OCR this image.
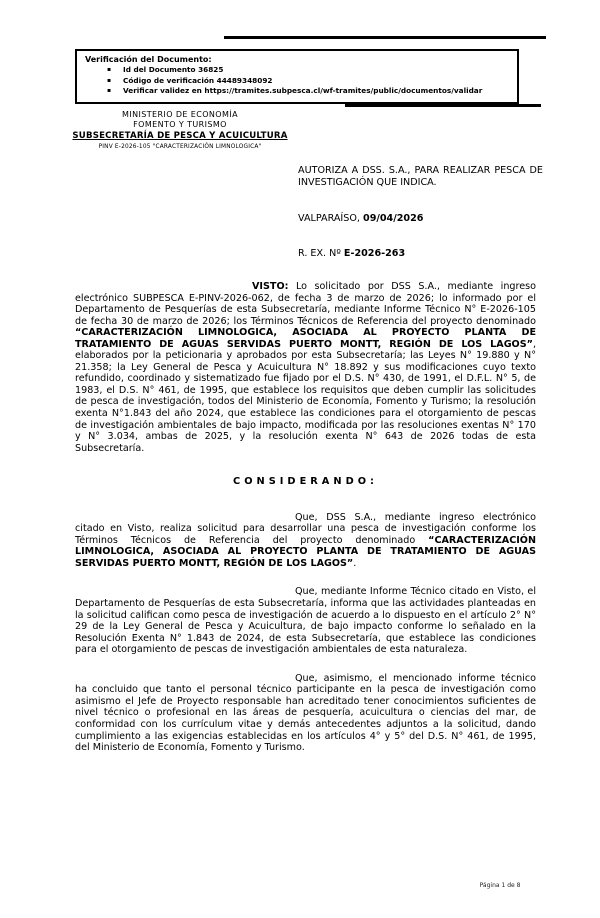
Verificación del Documento:
▪	Id del Documento 36825
▪	Código de verificación 44489348092
▪	Verificar validez en https://tramites.subpesca.cl/wf-tramites/public/documentos/validar
MINISTERIO DE ECONOMÍA
FOMENTO Y TURISMO
SUBSECRETARÍA DE PESCA Y ACUICULTURA
PINV E-2026-105 "CARACTERIZACIÓN LIMNOLOGICA"
AUTORIZA A DSS. S.A., PARA REALIZAR PESCA DE INVESTIGACIÓN QUE INDICA.
VALPARAÍSO, 09/04/2026
R. EX. Nº E-2026-263

VISTO: Lo solicitado por DSS S.A., mediante ingreso electrónico SUBPESCA E-PINV-2026-062, de fecha 3 de marzo de 2026; lo informado por el Departamento de Pesquerías de esta Subsecretaría, mediante Informe Técnico N° E-2026-105 de fecha 30 de marzo de 2026; los Términos Técnicos de Referencia del proyecto denominado “CARACTERIZACIÓN LIMNOLOGICA, ASOCIADA AL PROYECTO PLANTA DE TRATAMIENTO DE AGUAS SERVIDAS PUERTO MONTT, REGIÓN DE LOS LAGOS”, elaborados por la peticionaria y aprobados por esta Subsecretaría; las Leyes N° 19.880 y N° 21.358; la Ley General de Pesca y Acuicultura N° 18.892 y sus modificaciones cuyo texto refundido, coordinado y sistematizado fue fijado por el D.S. N° 430, de 1991, el D.F.L. N° 5, de 1983, el D.S. N° 461, de 1995, que establece los requisitos que deben cumplir las solicitudes de pesca de investigación, todos del Ministerio de Economía, Fomento y Turismo; la resolución exenta N°1.843 del año 2024, que establece las condiciones para el otorgamiento de pescas de investigación ambientales de bajo impacto, modificada por las resoluciones exentas N° 170 y N° 3.034, ambas de 2025, y la resolución exenta N° 643 de 2026 todas de esta Subsecretaría.

CONSIDERANDO:

Que, DSS S.A., mediante ingreso electrónico citado en Visto, realiza solicitud para desarrollar una pesca de investigación conforme los Términos Técnicos de Referencia del proyecto denominado “CARACTERIZACIÓN LIMNOLOGICA, ASOCIADA AL PROYECTO PLANTA DE TRATAMIENTO DE AGUAS SERVIDAS PUERTO MONTT, REGIÓN DE LOS LAGOS”.

Que, mediante Informe Técnico citado en Visto, el Departamento de Pesquerías de esta Subsecretaría, informa que las actividades planteadas en la solicitud califican como pesca de investigación de acuerdo a lo dispuesto en el artículo 2° N° 29 de la Ley General de Pesca y Acuicultura, de bajo impacto conforme lo señalado en la Resolución Exenta N° 1.843 de 2024, de esta Subsecretaría, que establece las condiciones para el otorgamiento de pescas de investigación ambientales de esta naturaleza.

Que, asimismo, el mencionado informe técnico ha concluido que tanto el personal técnico participante en la pesca de investigación como asimismo el Jefe de Proyecto responsable han acreditado tener conocimientos suficientes de nivel técnico o profesional en las áreas de pesquería, acuicultura o ciencias del mar, de conformidad con los currículum vitae y demás antecedentes adjuntos a la solicitud, dando cumplimiento a las exigencias establecidas en los artículos 4° y 5° del D.S. N° 461, de 1995, del Ministerio de Economía, Fomento y Turismo.

Página 1 de 8
